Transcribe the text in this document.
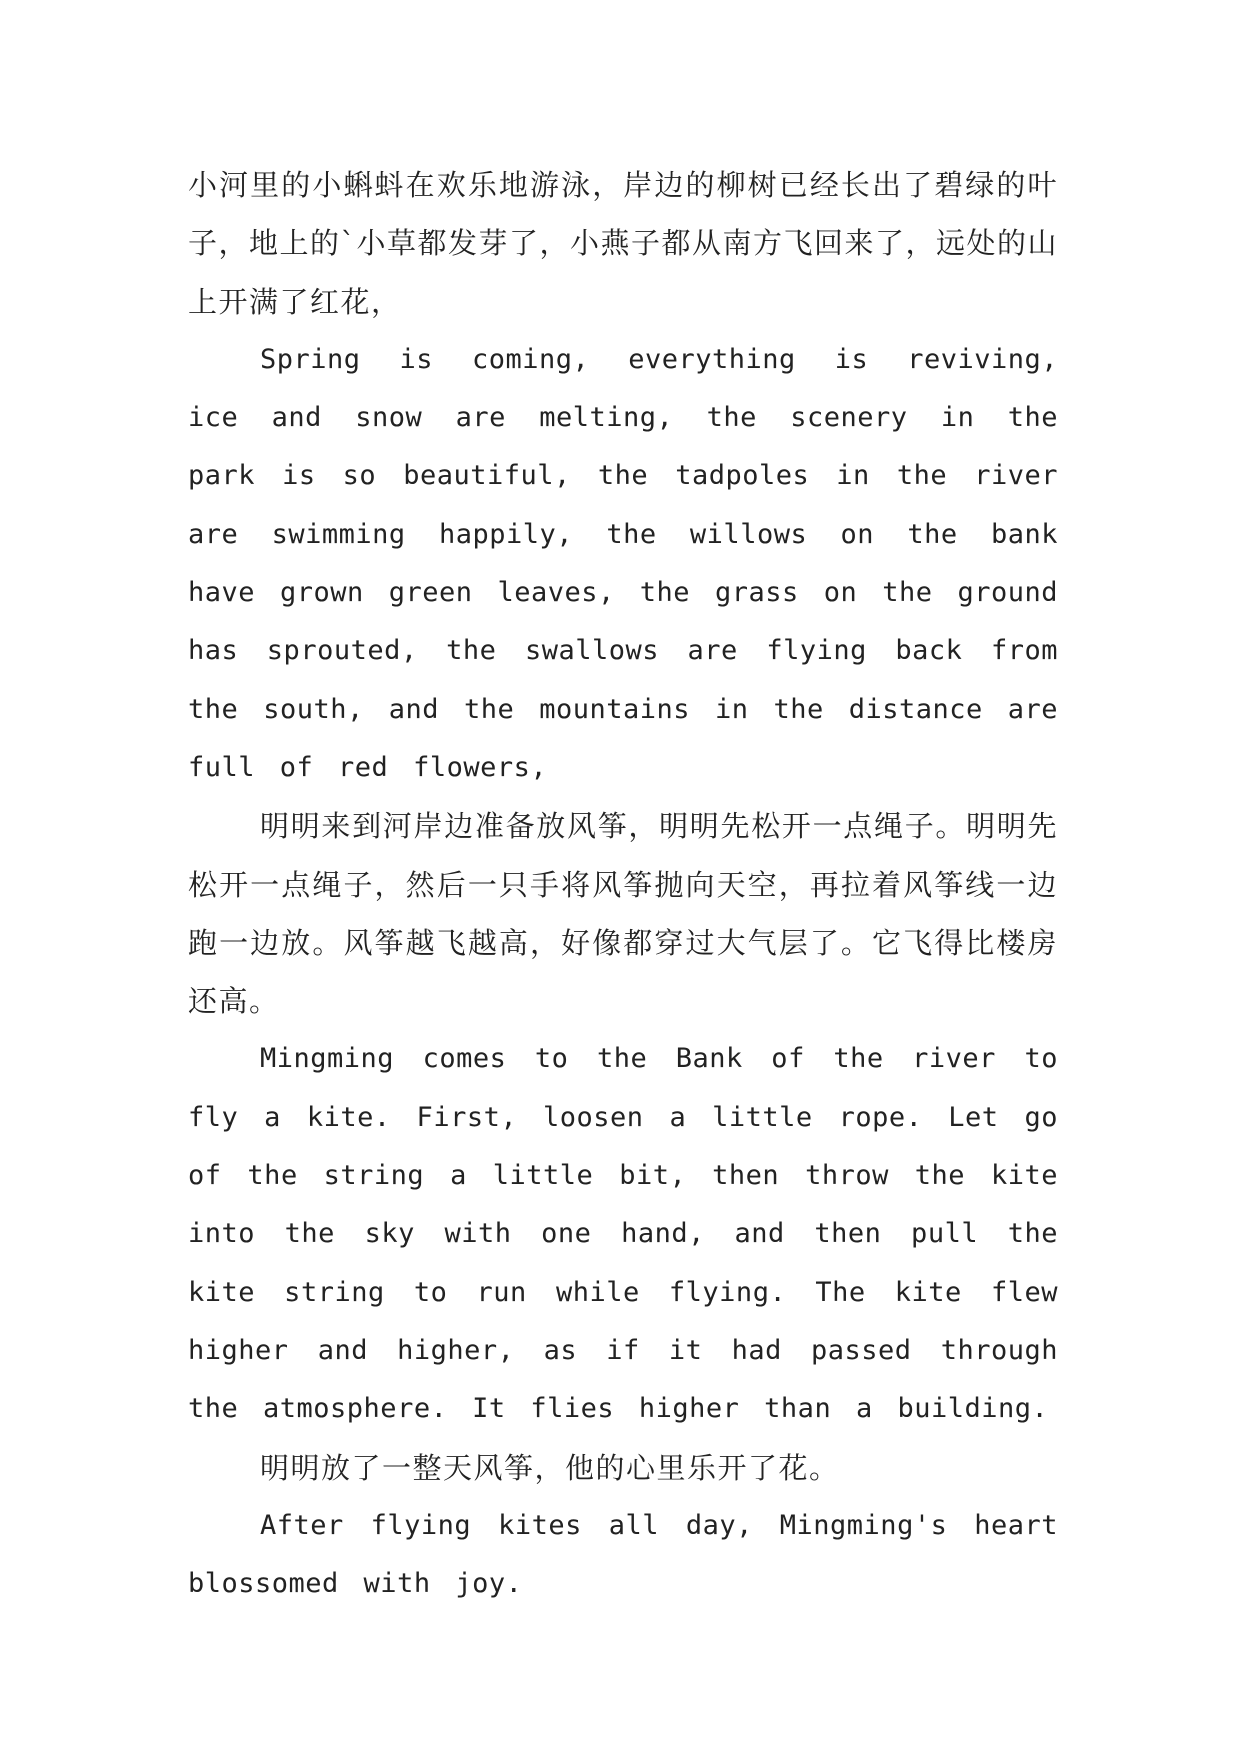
小河里的小蝌蚪在欢乐地游泳，岸边的柳树已经长出了碧绿的叶子，地上的`小草都发芽了，小燕子都从南方飞回来了，远处的山上开满了红花，

Spring is coming, everything is reviving, ice and snow are melting, the scenery in the park is so beautiful, the tadpoles in the river are swimming happily, the willows on the bank have grown green leaves, the grass on the ground has sprouted, the swallows are flying back from the south, and the mountains in the distance are full of red flowers,

明明来到河岸边准备放风筝，明明先松开一点绳子。明明先松开一点绳子，然后一只手将风筝抛向天空，再拉着风筝线一边跑一边放。风筝越飞越高，好像都穿过大气层了。它飞得比楼房还高。

Mingming comes to the Bank of the river to fly a kite. First, loosen a little rope. Let go of the string a little bit, then throw the kite into the sky with one hand, and then pull the kite string to run while flying. The kite flew higher and higher, as if it had passed through the atmosphere. It flies higher than a building.

明明放了一整天风筝，他的心里乐开了花。

After flying kites all day, Mingming's heart blossomed with joy.
